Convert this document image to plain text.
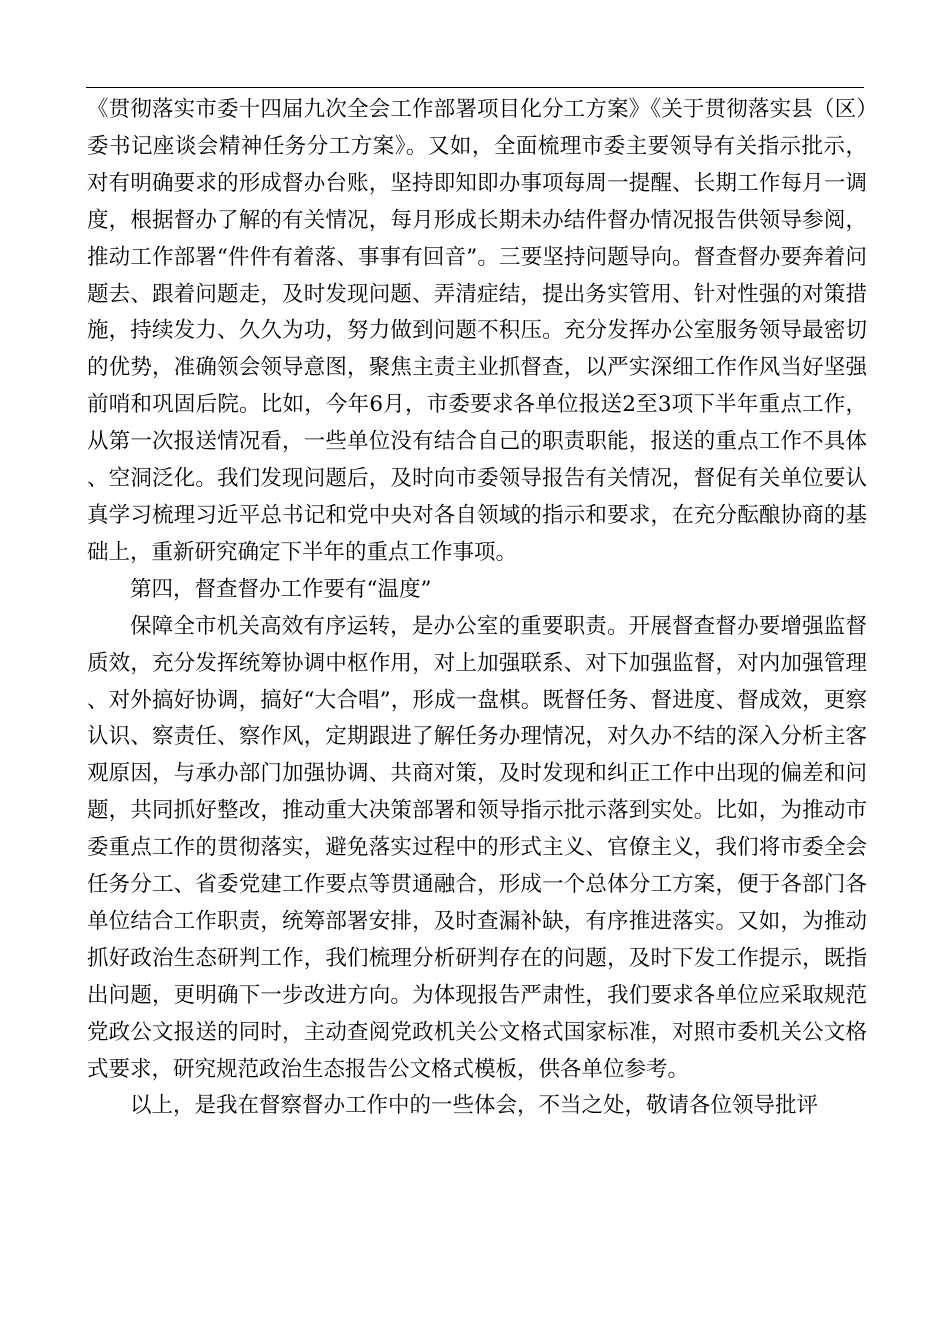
《贯彻落实市委十四届九次全会工作部署项目化分工方案》《关于贯彻落实县（区）委书记座谈会精神任务分工方案》。又如，全面梳理市委主要领导有关指示批示，对有明确要求的形成督办台账，坚持即知即办事项每周一提醒、长期工作每月一调度，根据督办了解的有关情况，每月形成长期未办结件督办情况报告供领导参阅，推动工作部署“件件有着落、事事有回音”。三要坚持问题导向。督查督办要奔着问题去、跟着问题走，及时发现问题、弄清症结，提出务实管用、针对性强的对策措施，持续发力、久久为功，努力做到问题不积压。充分发挥办公室服务领导最密切的优势，准确领会领导意图，聚焦主责主业抓督查，以严实深细工作作风当好坚强前哨和巩固后院。比如，今年6月，市委要求各单位报送2至3项下半年重点工作，从第一次报送情况看，一些单位没有结合自己的职责职能，报送的重点工作不具体、空洞泛化。我们发现问题后，及时向市委领导报告有关情况，督促有关单位要认真学习梳理习近平总书记和党中央对各自领域的指示和要求，在充分酝酿协商的基础上，重新研究确定下半年的重点工作事项。

第四，督查督办工作要有“温度”

保障全市机关高效有序运转，是办公室的重要职责。开展督查督办要增强监督质效，充分发挥统筹协调中枢作用，对上加强联系、对下加强监督，对内加强管理、对外搞好协调，搞好“大合唱”，形成一盘棋。既督任务、督进度、督成效，更察认识、察责任、察作风，定期跟进了解任务办理情况，对久办不结的深入分析主客观原因，与承办部门加强协调、共商对策，及时发现和纠正工作中出现的偏差和问题，共同抓好整改，推动重大决策部署和领导指示批示落到实处。比如，为推动市委重点工作的贯彻落实，避免落实过程中的形式主义、官僚主义，我们将市委全会任务分工、省委党建工作要点等贯通融合，形成一个总体分工方案，便于各部门各单位结合工作职责，统筹部署安排，及时查漏补缺，有序推进落实。又如，为推动抓好政治生态研判工作，我们梳理分析研判存在的问题，及时下发工作提示，既指出问题，更明确下一步改进方向。为体现报告严肃性，我们要求各单位应采取规范党政公文报送的同时，主动查阅党政机关公文格式国家标准，对照市委机关公文格式要求，研究规范政治生态报告公文格式模板，供各单位参考。

以上，是我在督察督办工作中的一些体会，不当之处，敬请各位领导批评
